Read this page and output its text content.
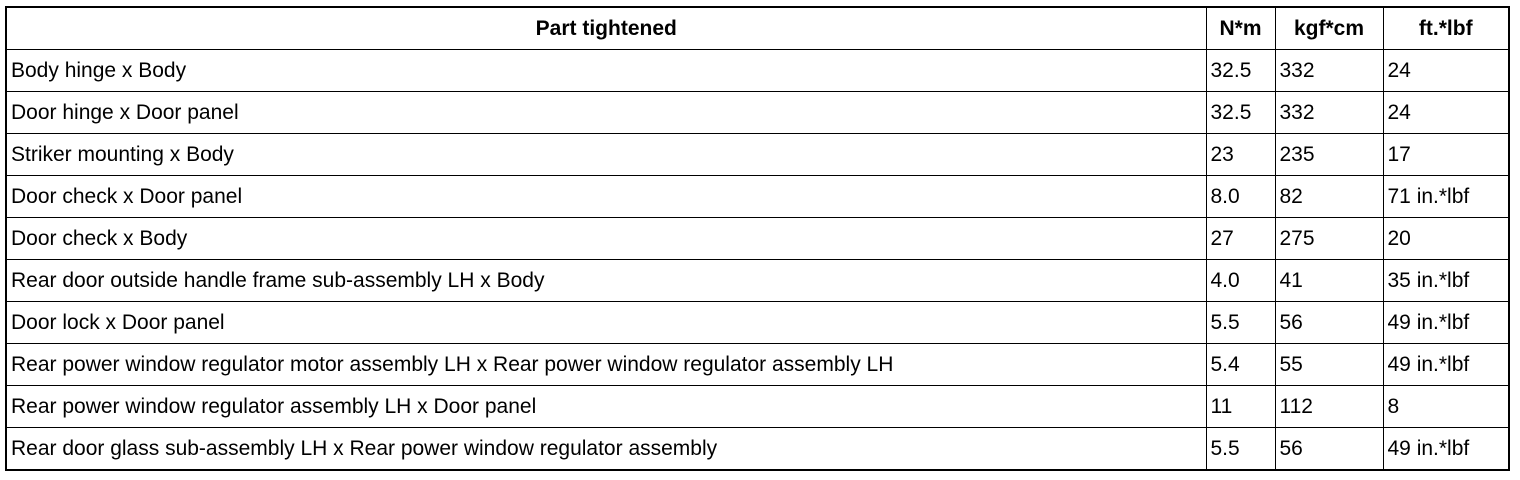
Part tightened	N*m	kgf*cm	ft.*lbf
Body hinge x Body	32.5	332	24
Door hinge x Door panel	32.5	332	24
Striker mounting x Body	23	235	17
Door check x Door panel	8.0	82	71 in.*lbf
Door check x Body	27	275	20
Rear door outside handle frame sub-assembly LH x Body	4.0	41	35 in.*lbf
Door lock x Door panel	5.5	56	49 in.*lbf
Rear power window regulator motor assembly LH x Rear power window regulator assembly LH	5.4	55	49 in.*lbf
Rear power window regulator assembly LH x Door panel	11	112	8
Rear door glass sub-assembly LH x Rear power window regulator assembly	5.5	56	49 in.*lbf
